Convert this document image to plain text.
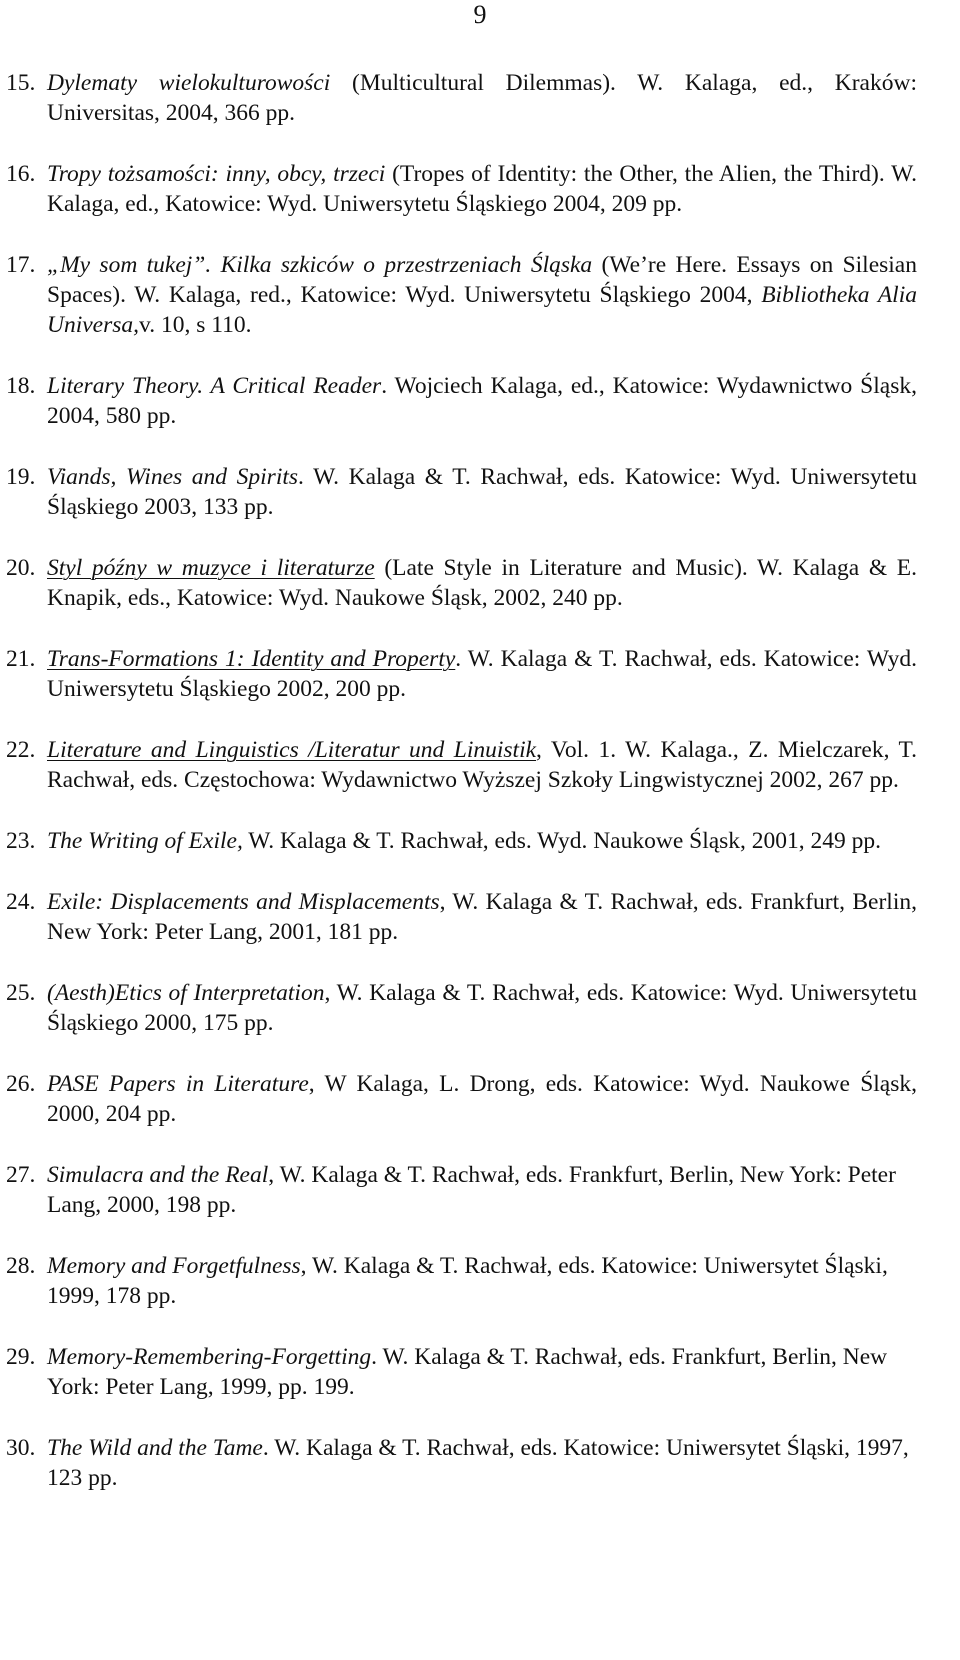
9
15. Dylematy wielokulturowości (Multicultural Dilemmas). W. Kalaga, ed., Kraków: Universitas, 2004, 366 pp.
16. Tropy tożsamości: inny, obcy, trzeci (Tropes of Identity: the Other, the Alien, the Third). W. Kalaga, ed., Katowice: Wyd. Uniwersytetu Śląskiego 2004, 209 pp.
17. „My som tukej”. Kilka szkiców o przestrzeniach Śląska (We’re Here. Essays on Silesian Spaces). W. Kalaga, red., Katowice: Wyd. Uniwersytetu Śląskiego 2004, Bibliotheka Alia Universa,v. 10, s 110.
18. Literary Theory. A Critical Reader. Wojciech Kalaga, ed., Katowice: Wydawnictwo Śląsk, 2004, 580 pp.
19. Viands, Wines and Spirits. W. Kalaga & T. Rachwał, eds. Katowice: Wyd. Uniwersytetu Śląskiego 2003, 133 pp.
20. Styl późny w muzyce i literaturze (Late Style in Literature and Music). W. Kalaga & E. Knapik, eds., Katowice: Wyd. Naukowe Śląsk, 2002, 240 pp.
21. Trans-Formations 1: Identity and Property. W. Kalaga & T. Rachwał, eds. Katowice: Wyd. Uniwersytetu Śląskiego 2002, 200 pp.
22. Literature and Linguistics /Literatur und Linuistik, Vol. 1. W. Kalaga., Z. Mielczarek, T. Rachwał, eds. Częstochowa: Wydawnictwo Wyższej Szkoły Lingwistycznej 2002, 267 pp.
23. The Writing of Exile, W. Kalaga & T. Rachwał, eds. Wyd. Naukowe Śląsk, 2001, 249 pp.
24. Exile: Displacements and Misplacements, W. Kalaga & T. Rachwał, eds. Frankfurt, Berlin, New York: Peter Lang, 2001, 181 pp.
25. (Aesth)Etics of Interpretation, W. Kalaga & T. Rachwał, eds. Katowice: Wyd. Uniwersytetu Śląskiego 2000, 175 pp.
26. PASE Papers in Literature, W Kalaga, L. Drong, eds. Katowice: Wyd. Naukowe Śląsk, 2000, 204 pp.
27. Simulacra and the Real, W. Kalaga & T. Rachwał, eds. Frankfurt, Berlin, New York: Peter Lang, 2000, 198 pp.
28. Memory and Forgetfulness, W. Kalaga & T. Rachwał, eds. Katowice: Uniwersytet Śląski, 1999, 178 pp.
29. Memory-Remembering-Forgetting. W. Kalaga & T. Rachwał, eds. Frankfurt, Berlin, New York: Peter Lang, 1999, pp. 199.
30. The Wild and the Tame. W. Kalaga & T. Rachwał, eds. Katowice: Uniwersytet Śląski, 1997, 123 pp.
